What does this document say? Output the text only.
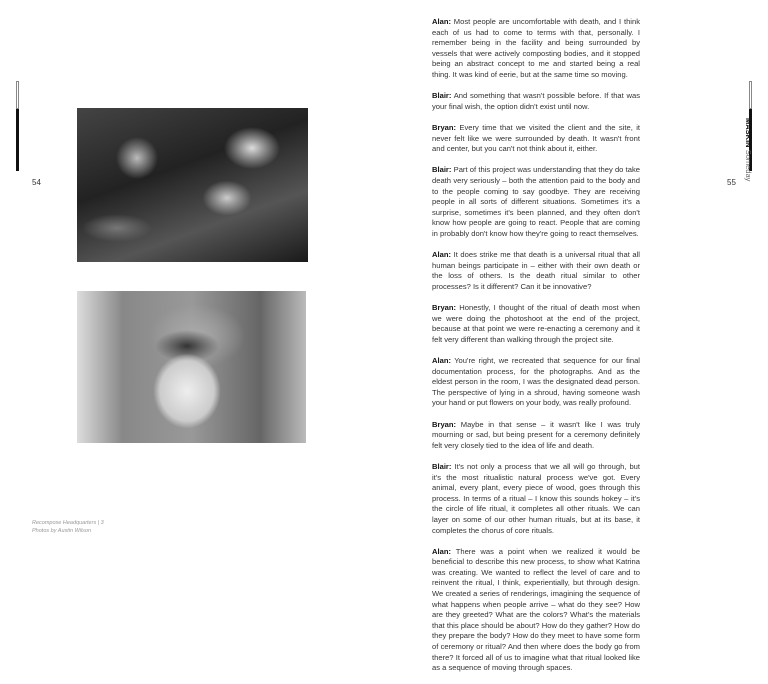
54	55
MASKIN Someday
Recompose Headquarters | 3
Photos by Austin Wilson

Alan: Most people are uncomfortable with death, and I think each of us had to come to terms with that, personally. I remember being in the facility and being surrounded by vessels that were actively composting bodies, and it stopped being an abstract concept to me and started being a real thing. It was kind of eerie, but at the same time so moving.

Blair: And something that wasn't possible before. If that was your final wish, the option didn't exist until now.

Bryan: Every time that we visited the client and the site, it never felt like we were surrounded by death. It wasn't front and center, but you can't not think about it, either.

Blair: Part of this project was understanding that they do take death very seriously – both the attention paid to the body and to the people coming to say goodbye. They are receiving people in all sorts of different situations. Sometimes it's a surprise, sometimes it's been planned, and they often don't know how people are going to react. People that are coming in probably don't know how they're going to react themselves.

Alan: It does strike me that death is a universal ritual that all human beings participate in – either with their own death or the loss of others. Is the death ritual similar to other processes? Is it different? Can it be innovative?

Bryan: Honestly, I thought of the ritual of death most when we were doing the photoshoot at the end of the project, because at that point we were re-enacting a ceremony and it felt very different than walking through the project site.

Alan: You're right, we recreated that sequence for our final documentation process, for the photographs. And as the eldest person in the room, I was the designated dead person. The perspective of lying in a shroud, having someone wash your hand or put flowers on your body, was really profound.

Bryan: Maybe in that sense – it wasn't like I was truly mourning or sad, but being present for a ceremony definitely felt very closely tied to the idea of life and death.

Blair: It's not only a process that we all will go through, but it's the most ritualistic natural process we've got. Every animal, every plant, every piece of wood, goes through this process. In terms of a ritual – I know this sounds hokey – it's the circle of life ritual, it completes all other rituals. We can layer on some of our other human rituals, but at its base, it completes the chorus of core rituals.

Alan: There was a point when we realized it would be beneficial to describe this new process, to show what Katrina was creating. We wanted to reflect the level of care and to reinvent the ritual, I think, experientially, but through design. We created a series of renderings, imagining the sequence of what happens when people arrive – what do they see? How are they greeted? What are the colors? What's the materials that this place should be about? How do they gather? How do they prepare the body? How do they meet to have some form of ceremony or ritual? And then where does the body go from there? It forced all of us to imagine what that ritual looked like as a sequence of moving through spaces.
